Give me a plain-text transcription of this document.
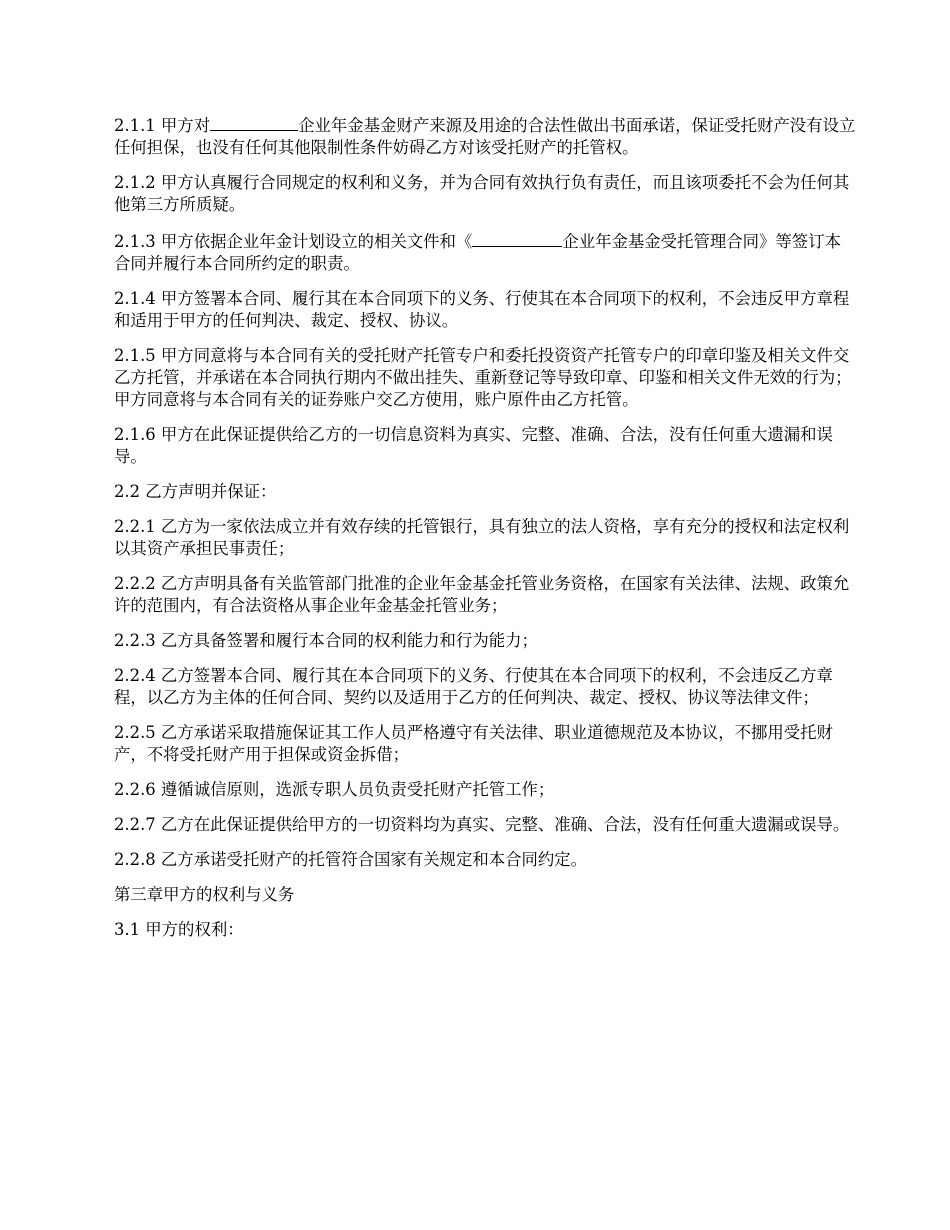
2.1.1 甲方对	企业年金基金财产来源及用途的合法性做出书面承诺，保证受托财产没有设立任何担保，也没有任何其他限制性条件妨碍乙方对该受托财产的托管权。

2.1.2 甲方认真履行合同规定的权利和义务，并为合同有效执行负有责任，而且该项委托不会为任何其他第三方所质疑。

2.1.3 甲方依据企业年金计划设立的相关文件和《	企业年金基金受托管理合同》等签订本合同并履行本合同所约定的职责。

2.1.4 甲方签署本合同、履行其在本合同项下的义务、行使其在本合同项下的权利，不会违反甲方章程和适用于甲方的任何判决、裁定、授权、协议。

2.1.5 甲方同意将与本合同有关的受托财产托管专户和委托投资资产托管专户的印章印鉴及相关文件交乙方托管，并承诺在本合同执行期内不做出挂失、重新登记等导致印章、印鉴和相关文件无效的行为；甲方同意将与本合同有关的证券账户交乙方使用，账户原件由乙方托管。

2.1.6 甲方在此保证提供给乙方的一切信息资料为真实、完整、准确、合法，没有任何重大遗漏和误导。

2.2 乙方声明并保证：

2.2.1 乙方为一家依法成立并有效存续的托管银行，具有独立的法人资格，享有充分的授权和法定权利以其资产承担民事责任；

2.2.2 乙方声明具备有关监管部门批准的企业年金基金托管业务资格，在国家有关法律、法规、政策允许的范围内，有合法资格从事企业年金基金托管业务；

2.2.3 乙方具备签署和履行本合同的权利能力和行为能力；

2.2.4 乙方签署本合同、履行其在本合同项下的义务、行使其在本合同项下的权利，不会违反乙方章程，以乙方为主体的任何合同、契约以及适用于乙方的任何判决、裁定、授权、协议等法律文件；

2.2.5 乙方承诺采取措施保证其工作人员严格遵守有关法律、职业道德规范及本协议，不挪用受托财产，不将受托财产用于担保或资金拆借；

2.2.6 遵循诚信原则，选派专职人员负责受托财产托管工作；

2.2.7 乙方在此保证提供给甲方的一切资料均为真实、完整、准确、合法，没有任何重大遗漏或误导。

2.2.8 乙方承诺受托财产的托管符合国家有关规定和本合同约定。

第三章甲方的权利与义务

3.1 甲方的权利：
